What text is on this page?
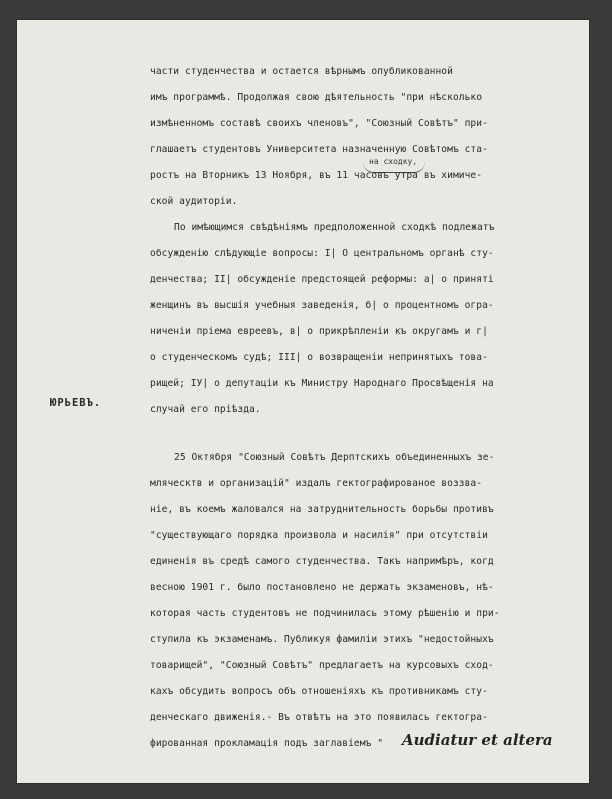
части студенчества и остается вѣрнымъ опубликованной
имъ программѣ. Продолжая свою дѣятельность "при нѣсколько
измѣненномъ составѣ своихъ членовъ", "Союзный Совѣтъ" при-
на сходку,
глашаетъ студентовъ Университета назначенную Совѣтомъ ста-
ростъ на Вторникъ 13 Ноября, въ 11 часовъ утра въ химиче-
ской аудиторіи.
По имѣющимся свѣдѣніямъ предположенной сходкѣ подлежатъ
обсужденію слѣдующіе вопросы: I| О центральномъ органѣ сту-
денчества; II| обсужденіе предстоящей реформы: а| о приняті
женщинъ въ высшія учебныя заведенія, б| о процентномъ огра-
ниченіи пріема евреевъ, в| о прикрѣпленіи къ округамъ и г|
о студенческомъ судѣ; III| о возвращеніи непринятыхъ това-
рищей; IУ| о депутаціи къ Министру Народнаго Просвѣщенія на
случай его пріѣзда.
ЮРЬЕВЪ.
25 Октября "Союзный Совѣтъ Дерптскихъ объединенныхъ зе-
мляческтв и организацій" издалъ гектографированое воззва-
ніе, въ коемъ жаловался на затруднительность борьбы противъ
"существующаго порядка произвола и насилія" при отсутствіи
единенія въ средѣ самого студенчества. Такъ напримѣръ, когд
весною 1901 г. было постановлено не держать экзаменовъ, нѣ-
которая часть студентовъ не подчинилась этому рѣшенію и при-
ступила къ экзаменамъ. Публикуя фамиліи этихъ "недостойныхъ
товарищей", "Союзный Совѣтъ" предлагаетъ на курсовыхъ сход-
кахъ обсудить вопросъ объ отношеніяхъ къ противникамъ сту-
денческаго движенія.- Въ отвѣтъ на это появилась гектогра-
фированная прокламація подъ заглавіемъ " Audiatur et altera
